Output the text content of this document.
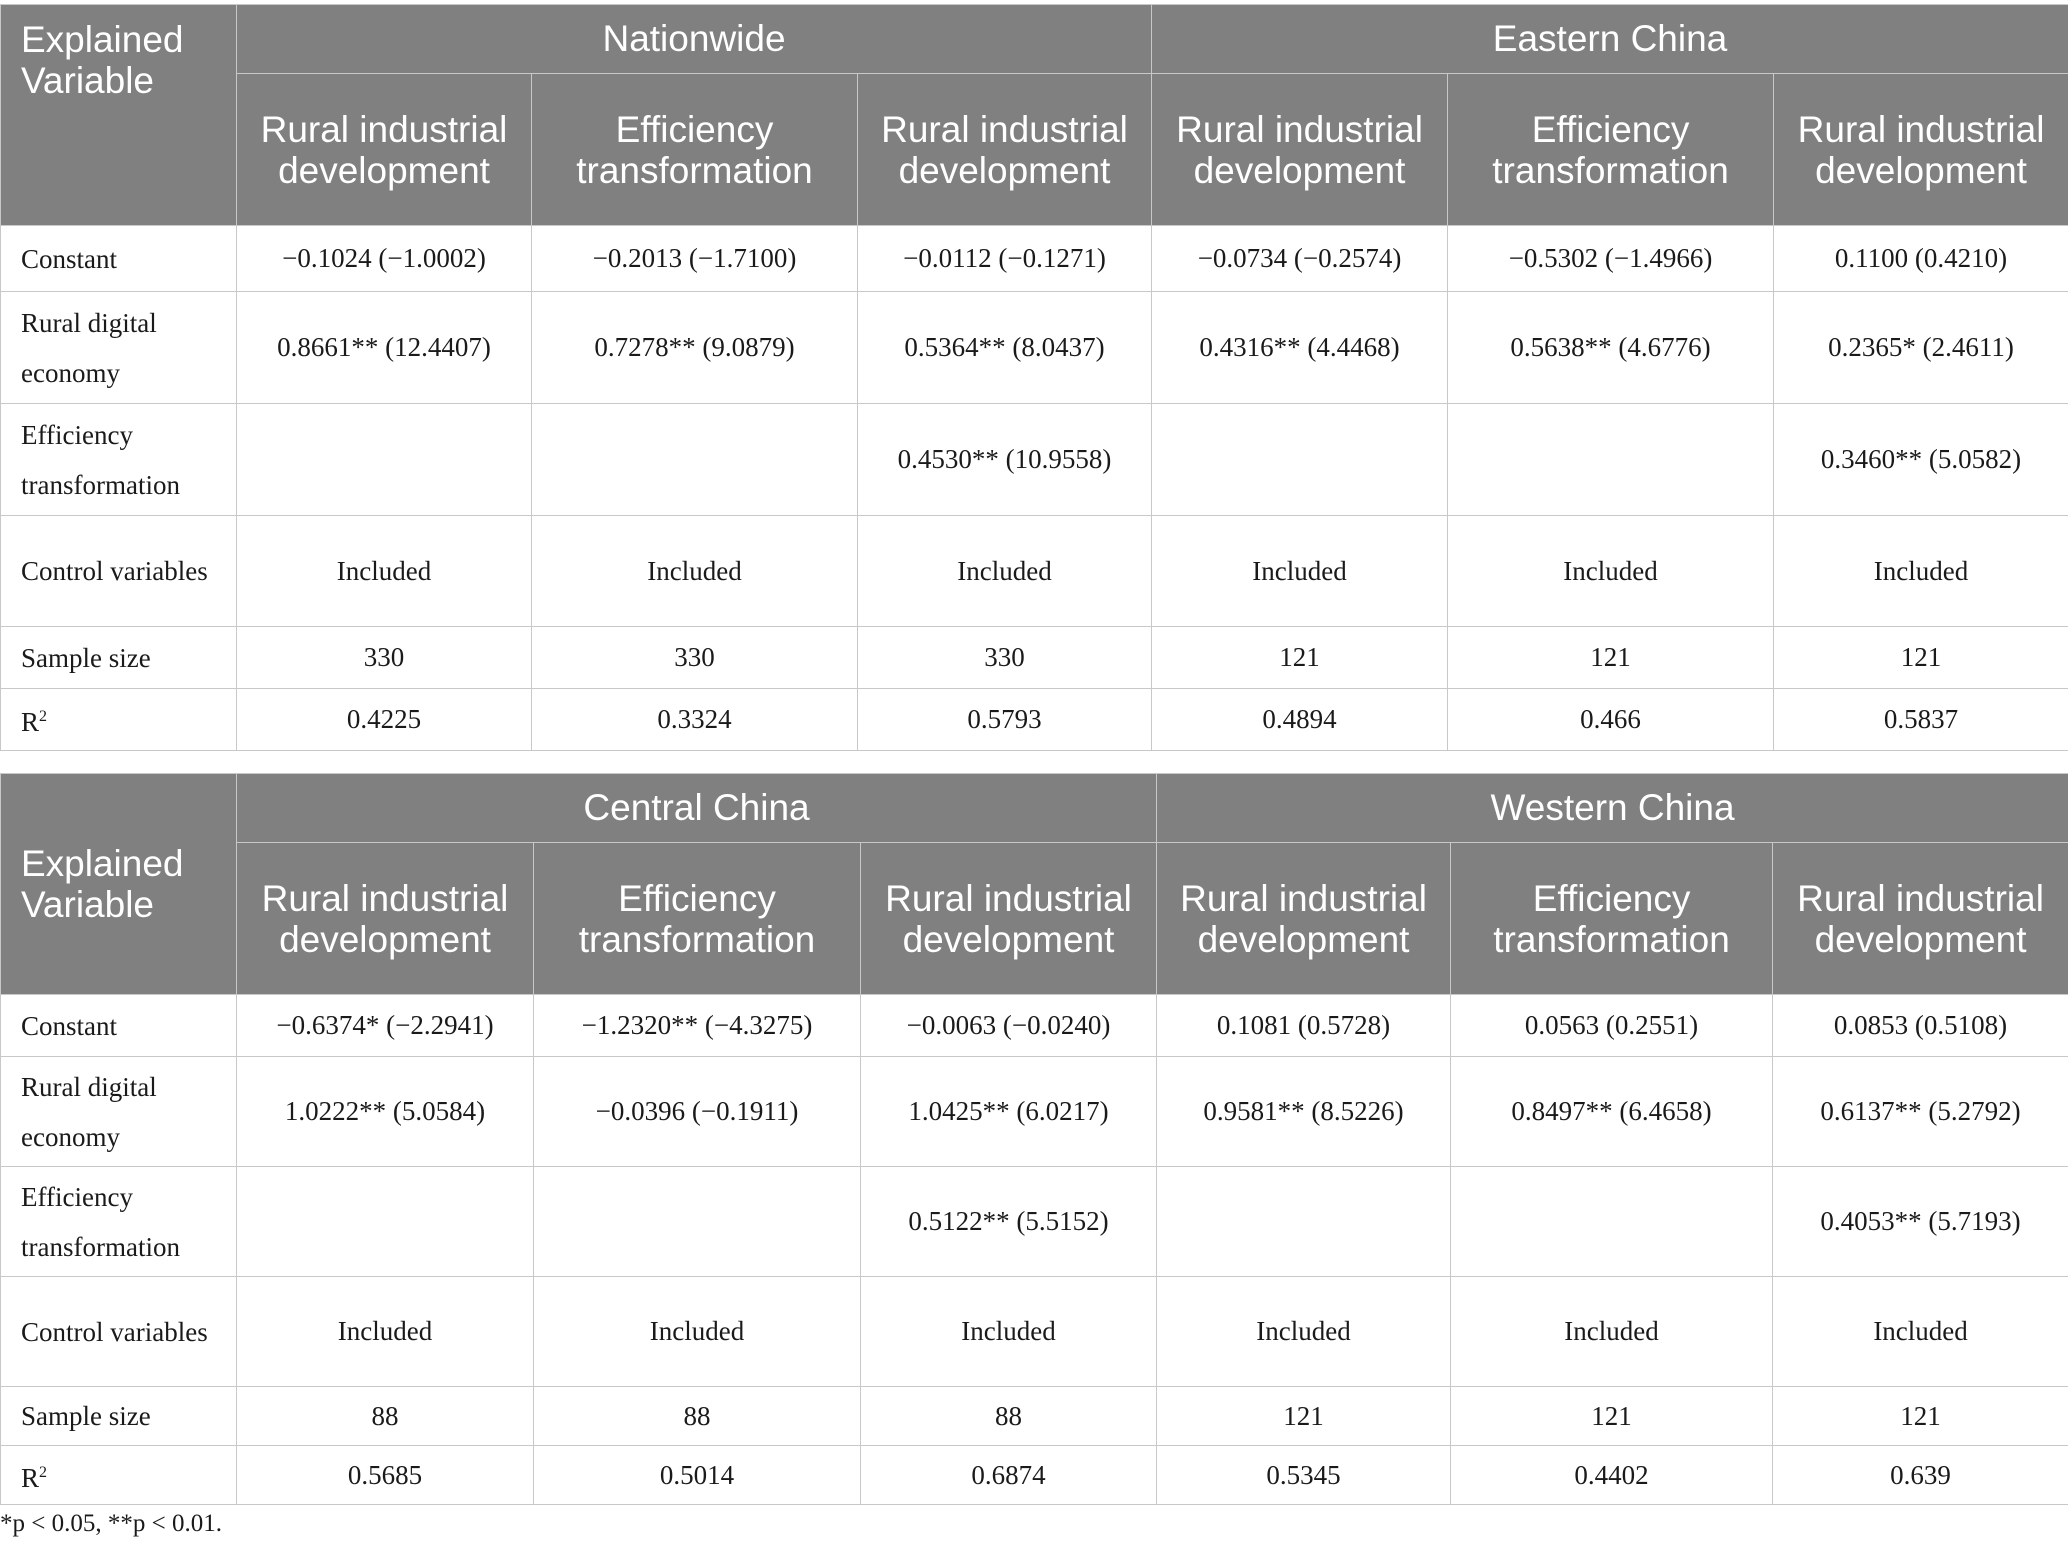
Explained Variable	Nationwide			Eastern China		
	Rural industrial development	Efficiency transformation	Rural industrial development	Rural industrial development	Efficiency transformation	Rural industrial development
Constant	−0.1024 (−1.0002)	−0.2013 (−1.7100)	−0.0112 (−0.1271)	−0.0734 (−0.2574)	−0.5302 (−1.4966)	0.1100 (0.4210)
Rural digital economy	0.8661** (12.4407)	0.7278** (9.0879)	0.5364** (8.0437)	0.4316** (4.4468)	0.5638** (4.6776)	0.2365* (2.4611)
Efficiency transformation			0.4530** (10.9558)			0.3460** (5.0582)
Control variables	Included	Included	Included	Included	Included	Included
Sample size	330	330	330	121	121	121
$R^2$	0.4225	0.3324	0.5793	0.4894	0.466	0.5837
Explained Variable	Central China			Western China		
	Rural industrial development	Efficiency transformation	Rural industrial development	Rural industrial development	Efficiency transformation	Rural industrial development
Constant	−0.6374* (−2.2941)	−1.2320** (−4.3275)	−0.0063 (−0.0240)	0.1081 (0.5728)	0.0563 (0.2551)	0.0853 (0.5108)
Rural digital economy	1.0222** (5.0584)	−0.0396 (−0.1911)	1.0425** (6.0217)	0.9581** (8.5226)	0.8497** (6.4658)	0.6137** (5.2792)
Efficiency transformation			0.5122** (5.5152)			0.4053** (5.7193)
Control variables	Included	Included	Included	Included	Included	Included
Sample size	88	88	88	121	121	121
$R^2$	0.5685	0.5014	0.6874	0.5345	0.4402	0.639
*p < 0.05, **p < 0.01.
